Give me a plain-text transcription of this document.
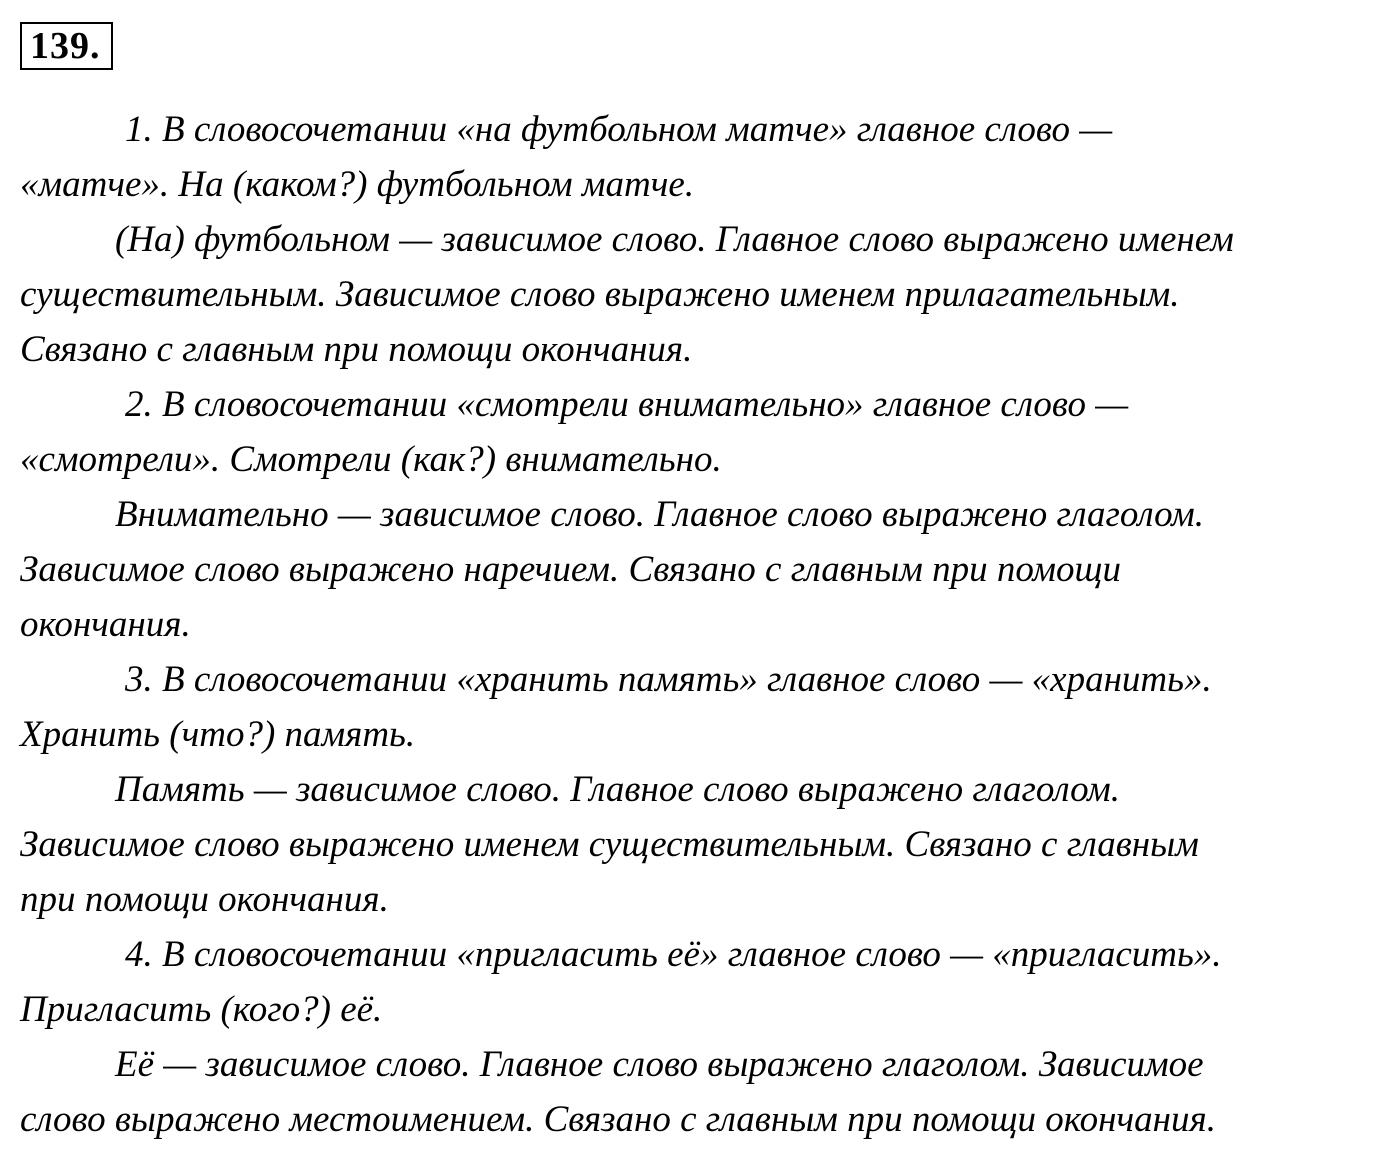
139.

1. В словосочетании «на футбольном матче» главное слово —

«матче». На (каком?) футбольном матче.

(На) футбольном — зависимое слово. Главное слово выражено именем

существительным. Зависимое слово выражено именем прилагательным.

Связано с главным при помощи окончания.

2. В словосочетании «смотрели внимательно» главное слово —

«смотрели». Смотрели (как?) внимательно.

Внимательно — зависимое слово. Главное слово выражено глаголом.

Зависимое слово выражено наречием. Связано с главным при помощи

окончания.

3. В словосочетании «хранить память» главное слово — «хранить».

Хранить (что?) память.

Память — зависимое слово. Главное слово выражено глаголом.

Зависимое слово выражено именем существительным. Связано с главным

при помощи окончания.

4. В словосочетании «пригласить её» главное слово — «пригласить».

Пригласить (кого?) её.

Её — зависимое слово. Главное слово выражено глаголом. Зависимое

слово выражено местоимением. Связано с главным при помощи окончания.
